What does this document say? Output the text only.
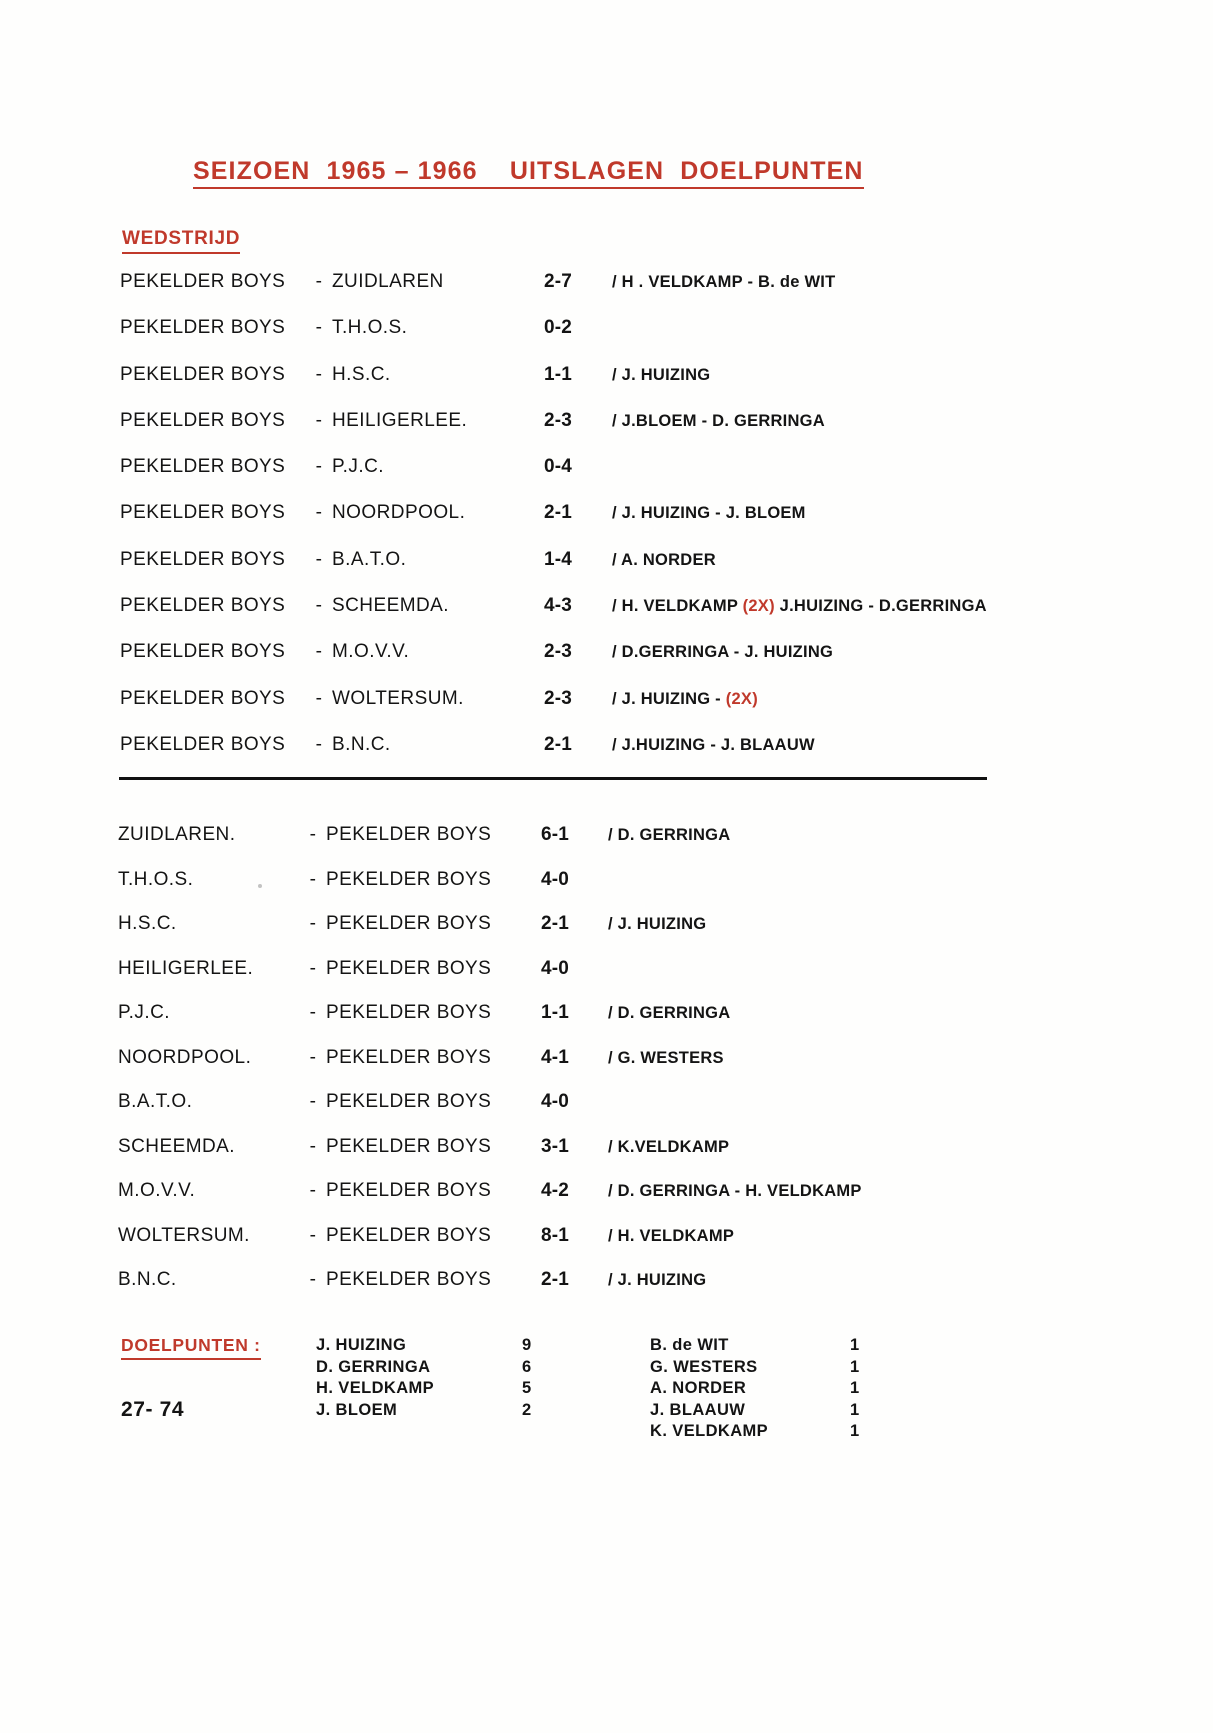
SEIZOEN  1965 – 1966    UITSLAGEN  DOELPUNTEN
WEDSTRIJD
PEKELDER BOYS	-	ZUIDLAREN	2-7	/ H . VELDKAMP - B. de WIT
PEKELDER BOYS	-	T.H.O.S.	0-2	
PEKELDER BOYS	-	H.S.C.	1-1	/ J. HUIZING
PEKELDER BOYS	-	HEILIGERLEE.	2-3	/ J.BLOEM - D. GERRINGA
PEKELDER BOYS	-	P.J.C.	0-4	
PEKELDER BOYS	-	NOORDPOOL.	2-1	/ J. HUIZING - J. BLOEM
PEKELDER BOYS	-	B.A.T.O.	1-4	/ A. NORDER
PEKELDER BOYS	-	SCHEEMDA.	4-3	/ H. VELDKAMP (2X) J.HUIZING - D.GERRINGA
PEKELDER BOYS	-	M.O.V.V.	2-3	/ D.GERRINGA - J. HUIZING
PEKELDER BOYS	-	WOLTERSUM.	2-3	/ J. HUIZING - (2X)
PEKELDER BOYS	-	B.N.C.	2-1	/ J.HUIZING - J. BLAAUW
ZUIDLAREN.	-	PEKELDER BOYS	6-1	/ D. GERRINGA
T.H.O.S.	-	PEKELDER BOYS	4-0	
H.S.C.	-	PEKELDER BOYS	2-1	/ J. HUIZING
HEILIGERLEE.	-	PEKELDER BOYS	4-0	
P.J.C.	-	PEKELDER BOYS	1-1	/ D. GERRINGA
NOORDPOOL.	-	PEKELDER BOYS	4-1	/ G. WESTERS
B.A.T.O.	-	PEKELDER BOYS	4-0	
SCHEEMDA.	-	PEKELDER BOYS	3-1	/ K.VELDKAMP
M.O.V.V.	-	PEKELDER BOYS	4-2	/ D. GERRINGA - H. VELDKAMP
WOLTERSUM.	-	PEKELDER BOYS	8-1	/ H. VELDKAMP
B.N.C.	-	PEKELDER BOYS	2-1	/ J. HUIZING
DOELPUNTEN :
27- 74
J. HUIZING	9
D. GERRINGA	6
H. VELDKAMP	5
J. BLOEM	2
B. de WIT	1
G. WESTERS	1
A. NORDER	1
J. BLAAUW	1
K. VELDKAMP	1
